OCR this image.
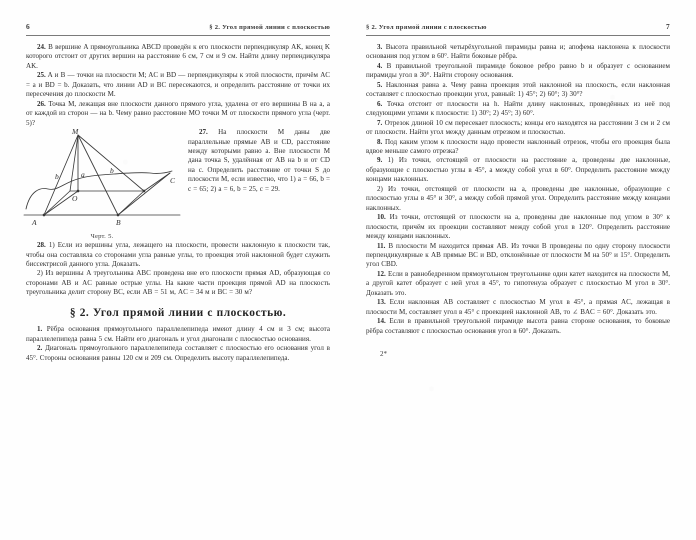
6	§ 2. Угол прямой линии с плоскостью

24. В вершине A прямоугольника ABCD проведён к его плоскости перпендикуляр AK, конец K которого отстоит от других вершин на расстояние 6 см, 7 см и 9 см. Найти длину перпендикуляра AK.

25. A и B — точки на плоскости M; AC и BD — перпендикуляры к этой плоскости, причём AC = a и BD = b. Доказать, что линии AD и BC пересекаются, и определить расстояние от точки их пересечения до плоскости M.

26. Точка M, лежащая вне плоскости данного прямого угла, удалена от его вершины B на a, а от каждой из сторон — на b. Чему равно расстояние MO точки M от плоскости прямого угла (черт. 5)?

M
b
b
a
O
A	B
C
Черт. 5.

27. На плоскости M даны две параллельные прямые AB и CD, расстояние между которыми равно a. Вне плоскости M дана точка S, удалённая от AB на b и от CD на c. Определить расстояние от точки S до плоскости M, если известно, что 1) a = 66, b = c = 65; 2) a = 6, b = 25, c = 29.

28. 1) Если из вершины угла, лежащего на плоскости, провести наклонную к плоскости так, чтобы она составляла со сторонами угла равные углы, то проекция этой наклонной будет служить биссектрисой данного угла. Доказать.

2) Из вершины A треугольника ABC проведена вне его плоскости прямая AD, образующая со сторонами AB и AC равные острые углы. На какие части проекция прямой AD на плоскость треугольника делит сторону BC, если AB = 51 м, AC = 34 м и BC = 30 м?

§ 2. Угол прямой линии с плоскостью.

1. Рёбра основания прямоугольного параллелепипеда имеют длину 4 см и 3 см; высота параллелепипеда равна 5 см. Найти его диагональ и угол диагонали с плоскостью основания.

2. Диагональ прямоугольного параллелепипеда составляет с плоскостью его основания угол в 45°. Стороны основания равны 120 см и 209 см. Определить высоту параллелепипеда.

§ 2. Угол прямой линии с плоскостью	7

3. Высота правильной четырёхугольной пирамиды равна и; апофема наклонена к плоскости основания под углом в 60°. Найти боковые рёбра.

4. В правильной треугольной пирамиде боковое ребро равно b и образует с основанием пирамиды угол в 30°. Найти сторону основания.

5. Наклонная равна a. Чему равна проекция этой наклонной на плоскость, если наклонная составляет с плоскостью проекции угол, равный: 1) 45°; 2) 60°; 3) 30°?

6. Точка отстоит от плоскости на h. Найти длину наклонных, проведённых из неё под следующими углами к плоскости: 1) 30°; 2) 45°; 3) 60°.

7. Отрезок длиной 10 см пересекает плоскость; концы его находятся на расстоянии 3 см и 2 см от плоскости. Найти угол между данным отрезком и плоскостью.

8. Под каким углом к плоскости надо провести наклонный отрезок, чтобы его проекция была вдвое меньше самого отрезка?

9. 1) Из точки, отстоящей от плоскости на расстояние a, проведены две наклонные, образующие с плоскостью углы в 45°, а между собой угол в 60°. Определить расстояние между концами наклонных.

2) Из точки, отстоящей от плоскости на a, проведены две наклонные, образующие с плоскостью углы в 45° и 30°, а между собой прямой угол. Определить расстояние между концами наклонных.

10. Из точки, отстоящей от плоскости на a, проведены две наклонные под углом в 30° к плоскости, причём их проекции составляют между собой угол в 120°. Определить расстояние между концами наклонных.

11. В плоскости M находится прямая AB. Из точки B проведены по одну сторону плоскости перпендикулярные к AB прямые BC и BD, отклонённые от плоскости M на 50° и 15°. Определить угол CBD.

12. Если в равнобедренном прямоугольном треугольнике один катет находится на плоскости M, а другой катет образует с ней угол в 45°, то гипотенуза образует с плоскостью M угол в 30°. Доказать это.

13. Если наклонная AB составляет с плоскостью M угол в 45°, а прямая AC, лежащая в плоскости M, составляет угол в 45° с проекцией наклонной AB, то ∠ BAC = 60°. Доказать это.

14. Если в правильной треугольной пирамиде высота равна стороне основания, то боковые рёбра составляют с плоскостью основания угол в 60°. Доказать.

2*
